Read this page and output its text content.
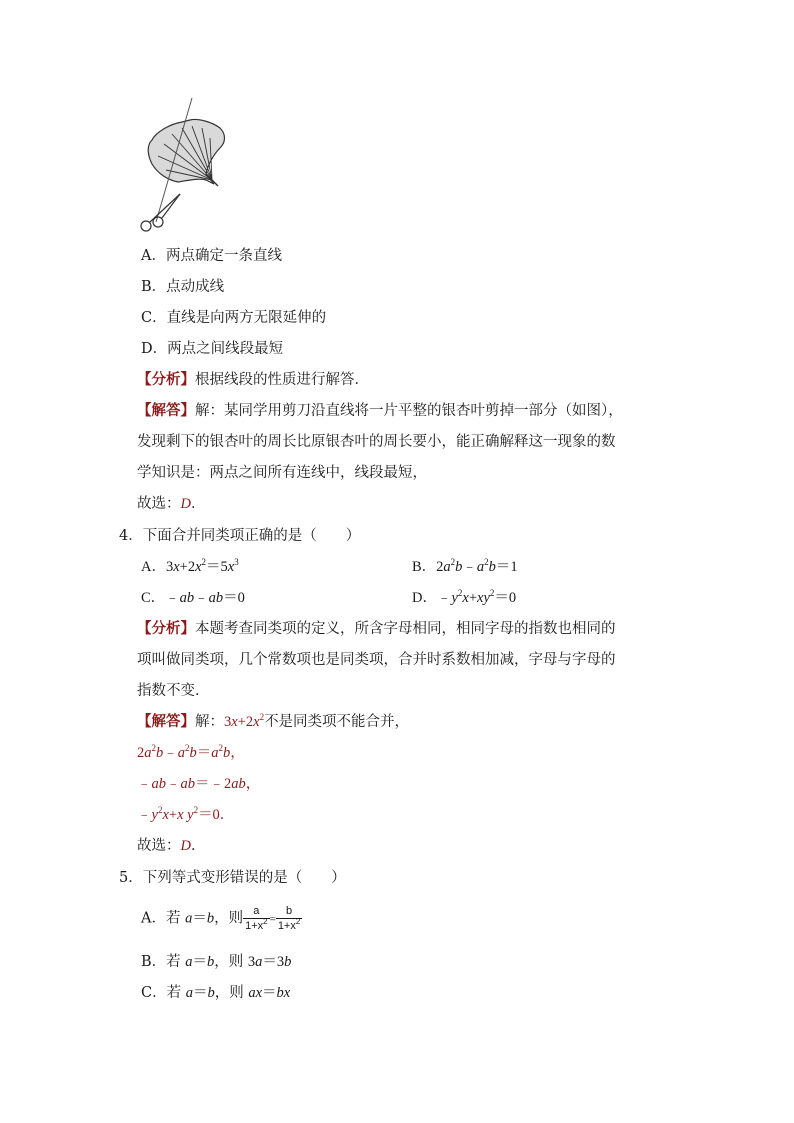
A．两点确定一条直线
B．点动成线
C．直线是向两方无限延伸的
D．两点之间线段最短
【分析】根据线段的性质进行解答．
【解答】解：某同学用剪刀沿直线将一片平整的银杏叶剪掉一部分（如图），
发现剩下的银杏叶的周长比原银杏叶的周长要小，能正确解释这一现象的数
学知识是：两点之间所有连线中，线段最短，
故选：D．
4．下面合并同类项正确的是（　　）
A．$3x+2x^2=5x^3$	B．$2a^2b﹣a^2b=1$
C．﹣ab﹣ab＝0	D．$﹣y^2x+xy^2=0$
【分析】本题考查同类项的定义，所含字母相同，相同字母的指数也相同的
项叫做同类项，几个常数项也是同类项，合并时系数相加减，字母与字母的
指数不变．
【解答】解：$3x+2x^2$不是同类项不能合并，
$2a^2b﹣a^2b=a^2b$，
﹣ab﹣ab＝﹣2ab，
$﹣y^2x+x$ $y^2=0$．
故选：D．
5．下列等式变形错误的是（　　）
A．若 a＝b，则 $\frac{a}{1+x^2} = \frac{b}{1+x^2}$
B．若 a＝b，则 3a＝3b
C．若 a＝b，则 ax＝bx
